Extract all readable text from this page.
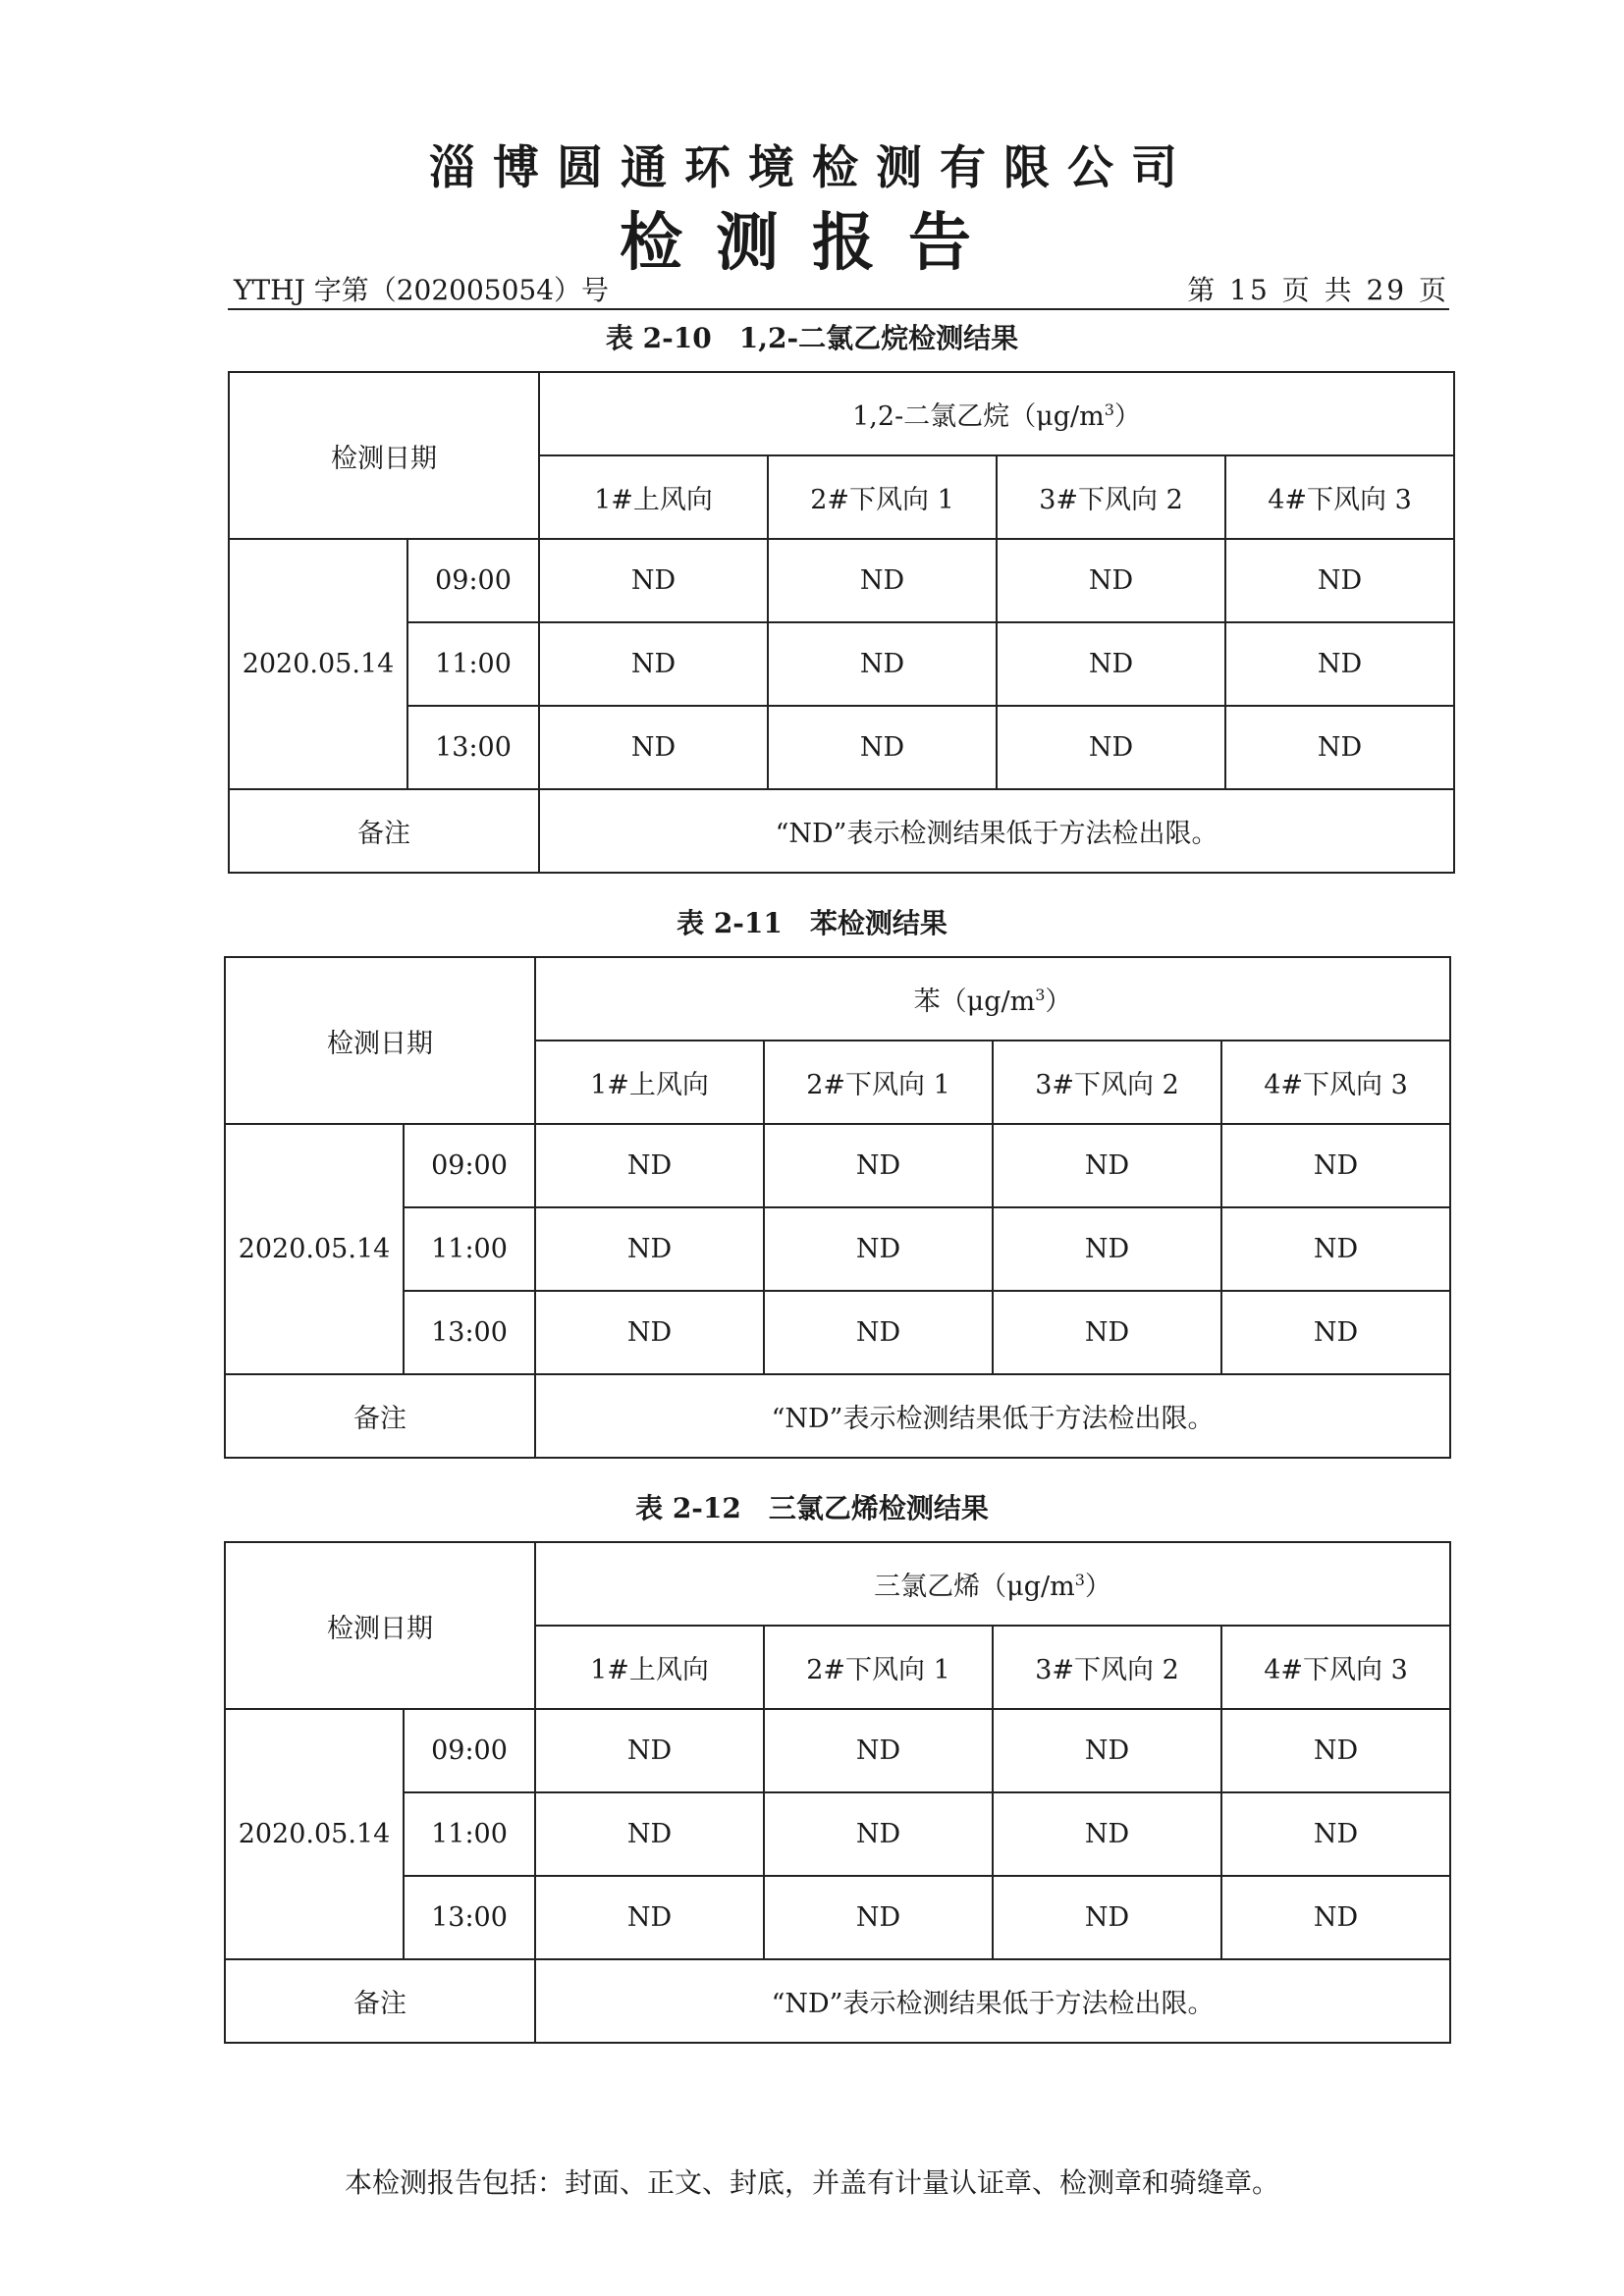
淄博圆通环境检测有限公司
检测报告
YTHJ 字第（202005054）号	第 15 页 共 29 页
表 2-10　1,2-二氯乙烷检测结果
检测日期		1,2-二氯乙烷$(\mu g/m^3)$			
		1#上风向	2#下风向 1	3#下风向 2	4#下风向 3
2020.05.14	09:00	ND	ND	ND	ND
	11:00	ND	ND	ND	ND
	13:00	ND	ND	ND	ND
备注		“ND”表示检测结果低于方法检出限。			
表 2-11　苯检测结果
检测日期		苯$(\mu g/m^3)$			
		1#上风向	2#下风向 1	3#下风向 2	4#下风向 3
2020.05.14	09:00	ND	ND	ND	ND
	11:00	ND	ND	ND	ND
	13:00	ND	ND	ND	ND
备注		“ND”表示检测结果低于方法检出限。			
表 2-12　三氯乙烯检测结果
检测日期		三氯乙烯$(\mu g/m^3)$			
		1#上风向	2#下风向 1	3#下风向 2	4#下风向 3
2020.05.14	09:00	ND	ND	ND	ND
	11:00	ND	ND	ND	ND
	13:00	ND	ND	ND	ND
备注		“ND”表示检测结果低于方法检出限。			
本检测报告包括：封面、正文、封底，并盖有计量认证章、检测章和骑缝章。
